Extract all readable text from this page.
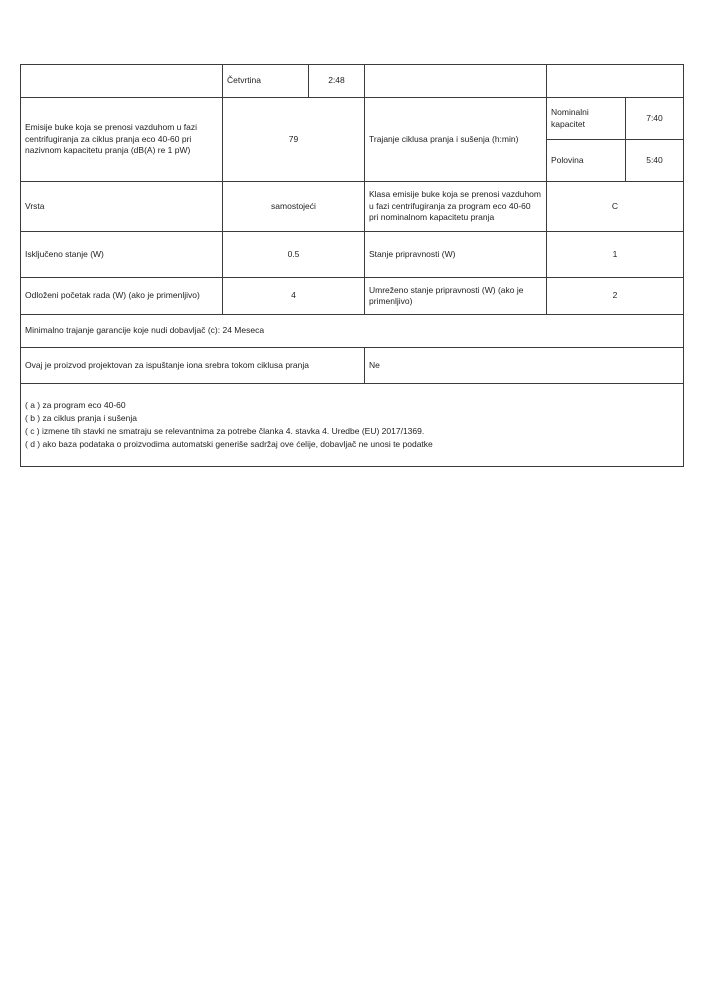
	Četvrtina	2:48			
Emisije buke koja se prenosi vazduhom u fazi centrifugiranja za ciklus pranja eco 40-60 pri nazivnom kapacitetu pranja (dB(A) re 1 pW)	79		Trajanje ciklusa pranja i sušenja (h:min)	Nominalni kapacitet	7:40
				Polovina	5:40
Vrsta	samostojeći		Klasa emisije buke koja se prenosi vazduhom u fazi centrifugiranja za program eco 40-60 pri nominalnom kapacitetu pranja	C	
Isključeno stanje (W)	0.5		Stanje pripravnosti (W)	1	
Odloženi početak rada (W) (ako je primenljivo)	4		Umreženo stanje pripravnosti (W) (ako je primenljivo)	2	
Minimalno trajanje garancije koje nudi dobavljač (c): 24 Meseca					
Ovaj je proizvod projektovan za ispuštanje iona srebra tokom ciklusa pranja			Ne		

( a ) za program eco 40-60
( b ) za ciklus pranja i sušenja
( c ) izmene tih stavki ne smatraju se relevantnima za potrebe članka 4. stavka 4. Uredbe (EU) 2017/1369.
( d ) ako baza podataka o proizvodima automatski generiše sadržaj ove ćelije, dobavljač ne unosi te podatke					
